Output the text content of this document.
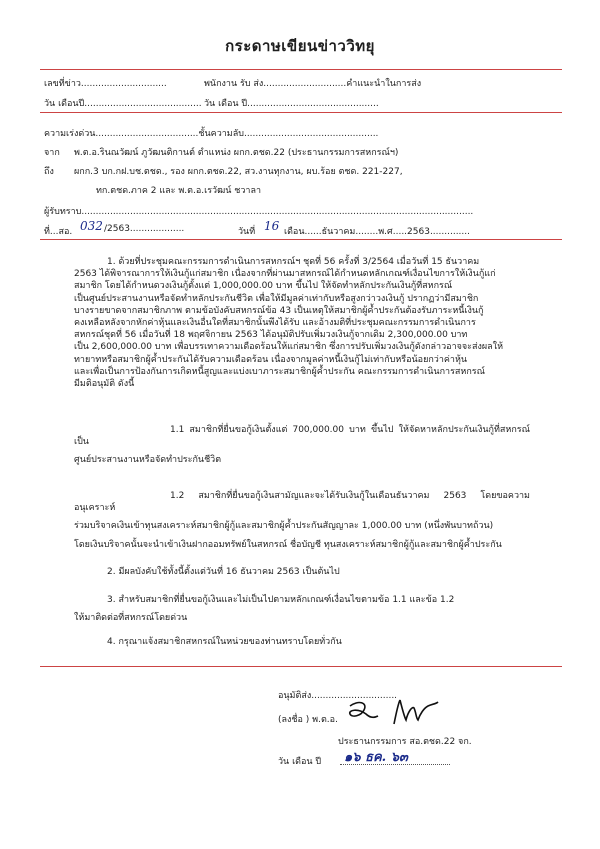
กระดาษเขียนข่าววิทยุ
เลขที่ข่าว..............................	พนักงาน รับ ส่ง.............................คำแนะนำในการส่ง
วัน เดือนปี......................................... วัน เดือน ปี..............................................
ความเร่งด่วน....................................ชั้นความลับ...............................................
จาก พ.ต.อ.รินณวัฒน์ ภูวัฒนติกานต์ ตำแหน่ง ผกก.ตชด.22 (ประธานกรรมการสหกรณ์ฯ)
ถึง ผกก.3 บก.กฝ.บช.ตชด., รอง ผกก.ตชด.22, สว.งานทุกงาน, ผบ.ร้อย ตชด. 221-227,
ทก.ตชด.ภาค 2 และ พ.ต.อ.เรวัฒน์ ชวาลา
ผู้รับทราบ.........................................................................................................................................
ที่...สอ. 032 /2563...................	วันที่ 16 เดือน......ธันวาคม........พ.ศ.....2563..............
1. ด้วยที่ประชุมคณะกรรมการดำเนินการสหกรณ์ฯ ชุดที่ 56 ครั้งที่ 3/2564 เมื่อวันที่ 15 ธันวาคม
2563 ได้พิจารณาการให้เงินกู้แก่สมาชิก เนื่องจากที่ผ่านมาสหกรณ์ได้กำหนดหลักเกณฑ์เงื่อนไขการให้เงินกู้แก่
สมาชิก โดยได้กำหนดวงเงินกู้ตั้งแต่ 1,000,000.00 บาท ขึ้นไป ให้จัดทำหลักประกันเงินกู้ที่สหกรณ์
เป็นศูนย์ประสานงานหรือจัดทำหลักประกันชีวิต เพื่อให้มีมูลค่าเท่ากับหรือสูงกว่าวงเงินกู้ ปรากฏว่ามีสมาชิก
บางรายขาดจากสมาชิกภาพ ตามข้อบังคับสหกรณ์ข้อ 43 เป็นเหตุให้สมาชิกผู้ค้ำประกันต้องรับภาระหนี้เงินกู้
คงเหลือหลังจากหักค่าหุ้นและเงินอื่นใดที่สมาชิกนั้นพึงได้รับ และอ้างมติที่ประชุมคณะกรรมการดำเนินการ
สหกรณ์ชุดที่ 56 เมื่อวันที่ 18 พฤศจิกายน 2563 ได้อนุมัติปรับเพิ่มวงเงินกู้จากเดิม 2,300,000.00 บาท
เป็น 2,600,000.00 บาท เพื่อบรรเทาความเดือดร้อนให้แก่สมาชิก ซึ่งการปรับเพิ่มวงเงินกู้ดังกล่าวอาจจะส่งผลให้
ทายาทหรือสมาชิกผู้ค้ำประกันได้รับความเดือดร้อน เนื่องจากมูลค่าหนี้เงินกู้ไม่เท่ากับหรือน้อยกว่าค่าหุ้น
และเพื่อเป็นการป้องกันการเกิดหนี้สูญและแบ่งเบาภาระสมาชิกผู้ค้ำประกัน คณะกรรมการดำเนินการสหกรณ์
มีมติอนุมัติ ดังนี้
1.1 สมาชิกที่ยื่นขอกู้เงินตั้งแต่ 700,000.00 บาท ขึ้นไป ให้จัดหาหลักประกันเงินกู้ที่สหกรณ์เป็น
ศูนย์ประสานงานหรือจัดทำประกันชีวิต
1.2 สมาชิกที่ยื่นขอกู้เงินสามัญและจะได้รับเงินกู้ในเดือนธันวาคม 2563 โดยขอความอนุเคราะห์
ร่วมบริจาคเงินเข้าทุนสงเคราะห์สมาชิกผู้กู้และสมาชิกผู้ค้ำประกันสัญญาละ 1,000.00 บาท (หนึ่งพันบาทถ้วน)
โดยเงินบริจาคนั้นจะนำเข้าเงินฝากออมทรัพย์ในสหกรณ์ ชื่อบัญชี ทุนสงเคราะห์สมาชิกผู้กู้และสมาชิกผู้ค้ำประกัน
2. มีผลบังคับใช้ทั้งนี้ตั้งแต่วันที่ 16 ธันวาคม 2563 เป็นต้นไป
3. สำหรับสมาชิกที่ยื่นขอกู้เงินและไม่เป็นไปตามหลักเกณฑ์เงื่อนไขตามข้อ 1.1 และข้อ 1.2
ให้มาติดต่อที่สหกรณ์โดยด่วน
4. กรุณาแจ้งสมาชิกสหกรณ์ในหน่วยของท่านทราบโดยทั่วกัน
อนุมัติส่ง..............................
(ลงชื่อ ) พ.ต.อ.
ประธานกรรมการ สอ.ตชด.22 จก.
วัน เดือน ปี ๑๖ ธค. ๖๓
